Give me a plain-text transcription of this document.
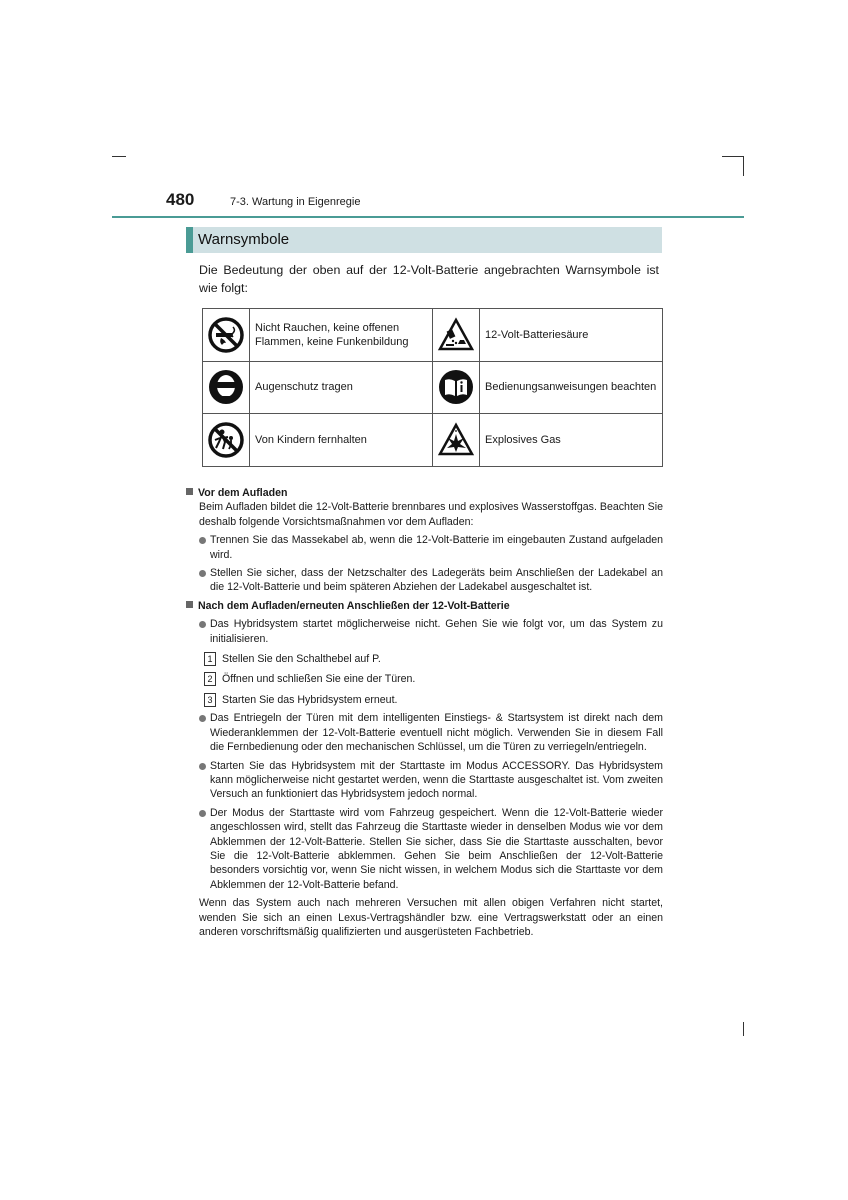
480	7-3. Wartung in Eigenregie
Warnsymbole
Die Bedeutung der oben auf der 12-Volt-Batterie angebrachten Warnsymbole ist wie folgt:
	Nicht Rauchen, keine offenen Flammen, keine Funkenbildung		12-Volt-Batteriesäure

	Augenschutz tragen		Bedienungsanweisungen beachten

	Von Kindern fernhalten		Explosives Gas
Vor dem Aufladen
Beim Aufladen bildet die 12-Volt-Batterie brennbares und explosives Wasserstoffgas. Beachten Sie deshalb folgende Vorsichtsmaßnahmen vor dem Aufladen:
Trennen Sie das Massekabel ab, wenn die 12-Volt-Batterie im eingebauten Zustand aufgeladen wird.
Stellen Sie sicher, dass der Netzschalter des Ladegeräts beim Anschließen der Ladekabel an die 12-Volt-Batterie und beim späteren Abziehen der Ladekabel ausgeschaltet ist.
Nach dem Aufladen/erneuten Anschließen der 12-Volt-Batterie
Das Hybridsystem startet möglicherweise nicht. Gehen Sie wie folgt vor, um das System zu initialisieren.
1 Stellen Sie den Schalthebel auf P.
2 Öffnen und schließen Sie eine der Türen.
3 Starten Sie das Hybridsystem erneut.
Das Entriegeln der Türen mit dem intelligenten Einstiegs- & Startsystem ist direkt nach dem Wiederanklemmen der 12-Volt-Batterie eventuell nicht möglich. Verwenden Sie in diesem Fall die Fernbedienung oder den mechanischen Schlüssel, um die Türen zu verriegeln/entriegeln.
Starten Sie das Hybridsystem mit der Starttaste im Modus ACCESSORY. Das Hybridsystem kann möglicherweise nicht gestartet werden, wenn die Starttaste ausgeschaltet ist. Vom zweiten Versuch an funktioniert das Hybridsystem jedoch normal.
Der Modus der Starttaste wird vom Fahrzeug gespeichert. Wenn die 12-Volt-Batterie wieder angeschlossen wird, stellt das Fahrzeug die Starttaste wieder in denselben Modus wie vor dem Abklemmen der 12-Volt-Batterie. Stellen Sie sicher, dass Sie die Starttaste ausschalten, bevor Sie die 12-Volt-Batterie abklemmen. Gehen Sie beim Anschließen der 12-Volt-Batterie besonders vorsichtig vor, wenn Sie nicht wissen, in welchem Modus sich die Starttaste vor dem Abklemmen der 12-Volt-Batterie befand.
Wenn das System auch nach mehreren Versuchen mit allen obigen Verfahren nicht startet, wenden Sie sich an einen Lexus-Vertragshändler bzw. eine Vertragswerkstatt oder an einen anderen vorschriftsmäßig qualifizierten und ausgerüsteten Fachbetrieb.
